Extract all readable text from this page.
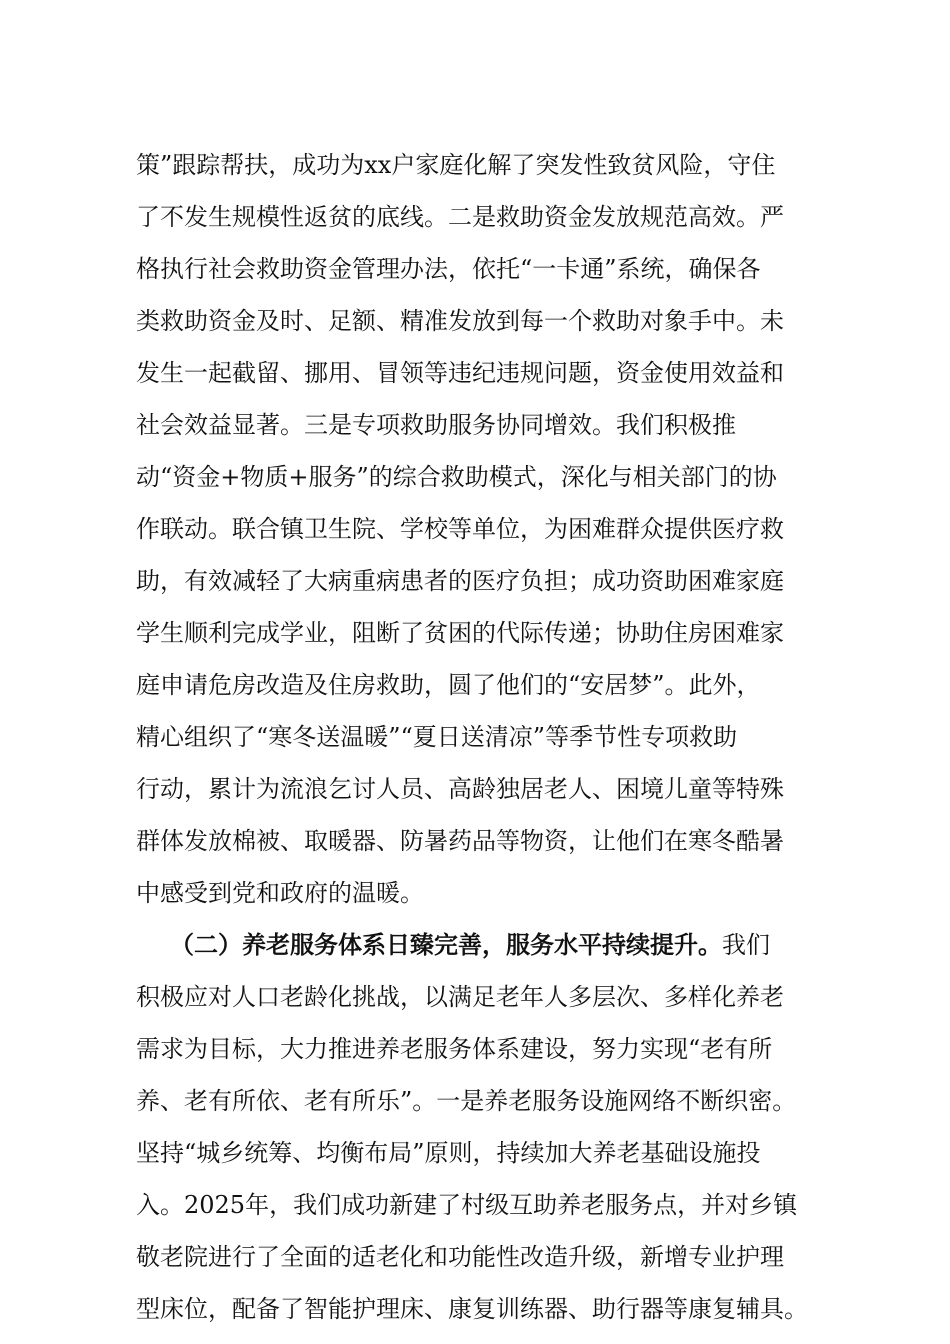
策”跟踪帮扶，成功为xx户家庭化解了突发性致贫风险，守住
了不发生规模性返贫的底线。二是救助资金发放规范高效。严
格执行社会救助资金管理办法，依托“一卡通”系统，确保各
类救助资金及时、足额、精准发放到每一个救助对象手中。未
发生一起截留、挪用、冒领等违纪违规问题，资金使用效益和
社会效益显著。三是专项救助服务协同增效。我们积极推
动“资金+物质+服务”的综合救助模式，深化与相关部门的协
作联动。联合镇卫生院、学校等单位，为困难群众提供医疗救
助，有效减轻了大病重病患者的医疗负担；成功资助困难家庭
学生顺利完成学业，阻断了贫困的代际传递；协助住房困难家
庭申请危房改造及住房救助，圆了他们的“安居梦”。此外，
精心组织了“寒冬送温暖”“夏日送清凉”等季节性专项救助
行动，累计为流浪乞讨人员、高龄独居老人、困境儿童等特殊
群体发放棉被、取暖器、防暑药品等物资，让他们在寒冬酷暑
中感受到党和政府的温暖。
（二）养老服务体系日臻完善，服务水平持续提升。我们
积极应对人口老龄化挑战，以满足老年人多层次、多样化养老
需求为目标，大力推进养老服务体系建设，努力实现“老有所
养、老有所依、老有所乐”。一是养老服务设施网络不断织密。
坚持“城乡统筹、均衡布局”原则，持续加大养老基础设施投
入。2025年，我们成功新建了村级互助养老服务点，并对乡镇
敬老院进行了全面的适老化和功能性改造升级，新增专业护理
型床位，配备了智能护理床、康复训练器、助行器等康复辅具。
